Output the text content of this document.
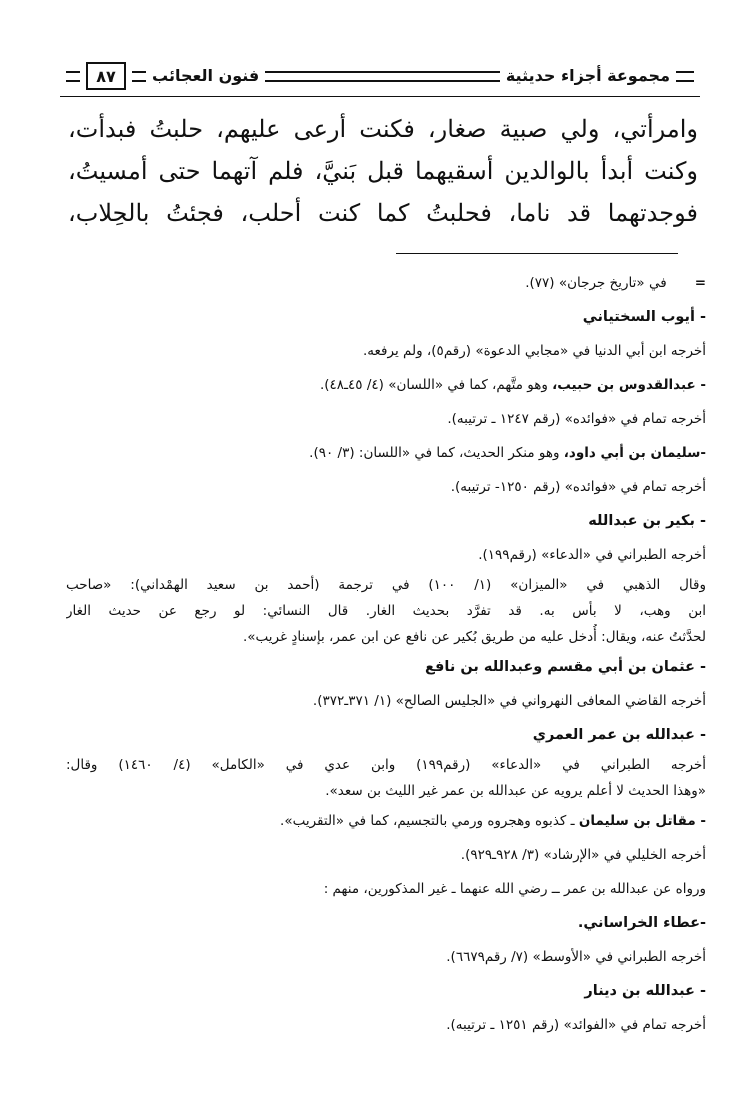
مجموعة أجزاء حديثية
فنون العجائب
٨٧
وامرأتي، ولي صبية صغار، فكنت أرعى عليهم، حلبتُ فبدأت،
وكنت أبدأ بالوالدين أسقيهما قبل بَنيَّ، فلم آتهما حتى أمسيتُ،
فوجدتهما قد ناما، فحلبتُ كما كنت أحلب، فجئتُ بالحِلاب،
=في «تاريخ جرجان» (٧٧).
- أيوب السختياني
أخرجه ابن أبي الدنيا في «مجابي الدعوة» (رقم٥)، ولم يرفعه.
- عبدالقدوس بن حبيب، وهو متَّهم، كما في «اللسان» (٤/ ٤٥ـ٤٨).
أخرجه تمام في «فوائده» (رقم ١٢٤٧ ـ ترتيبه).
-سليمان بن أبي داود، وهو منكر الحديث، كما في «اللسان: (٣/ ٩٠).
أخرجه تمام في «فوائده» (رقم ١٢٥٠- ترتيبه).
- بكير بن عبدالله
أخرجه الطبراني في «الدعاء» (رقم١٩٩).
وقال الذهبي في «الميزان» (١/ ١٠٠) في ترجمة (أحمد بن سعيد الهمْداني): «صاحب
ابن وهب، لا بأس به. قد تفرَّد بحديث الغار. قال النسائي: لو رجع عن حديث الغار
لحدَّثتُ عنه، ويقال: أُدخل عليه من طريق بُكير عن نافع عن ابن عمر، بإسنادٍ غريب».
- عثمان بن أبي مقسم وعبدالله بن نافع
أخرجه القاضي المعافى النهرواني في «الجليس الصالح» (١/ ٣٧١ـ٣٧٢).
- عبدالله بن عمر العمري
أخرجه الطبراني في «الدعاء» (رقم١٩٩) وابن عدي في «الكامل» (٤/ ١٤٦٠) وقال:
«وهذا الحديث لا أعلم يرويه عن عبدالله بن عمر غير الليث بن سعد».
- مقاتل بن سليمان ـ كذبوه وهجروه ورمي بالتجسيم، كما في «التقريب».
أخرجه الخليلي في «الإرشاد» (٣/ ٩٢٨ـ٩٢٩).
ورواه عن عبدالله بن عمر ــ رضي الله عنهما ـ غير المذكورين، منهم :
-عطاء الخراساني.
أخرجه الطبراني في «الأوسط» (٧/ رقم٦٦٧٩).
- عبدالله بن دينار
أخرجه تمام في «الفوائد» (رقم ١٢٥١ ـ ترتيبه).
